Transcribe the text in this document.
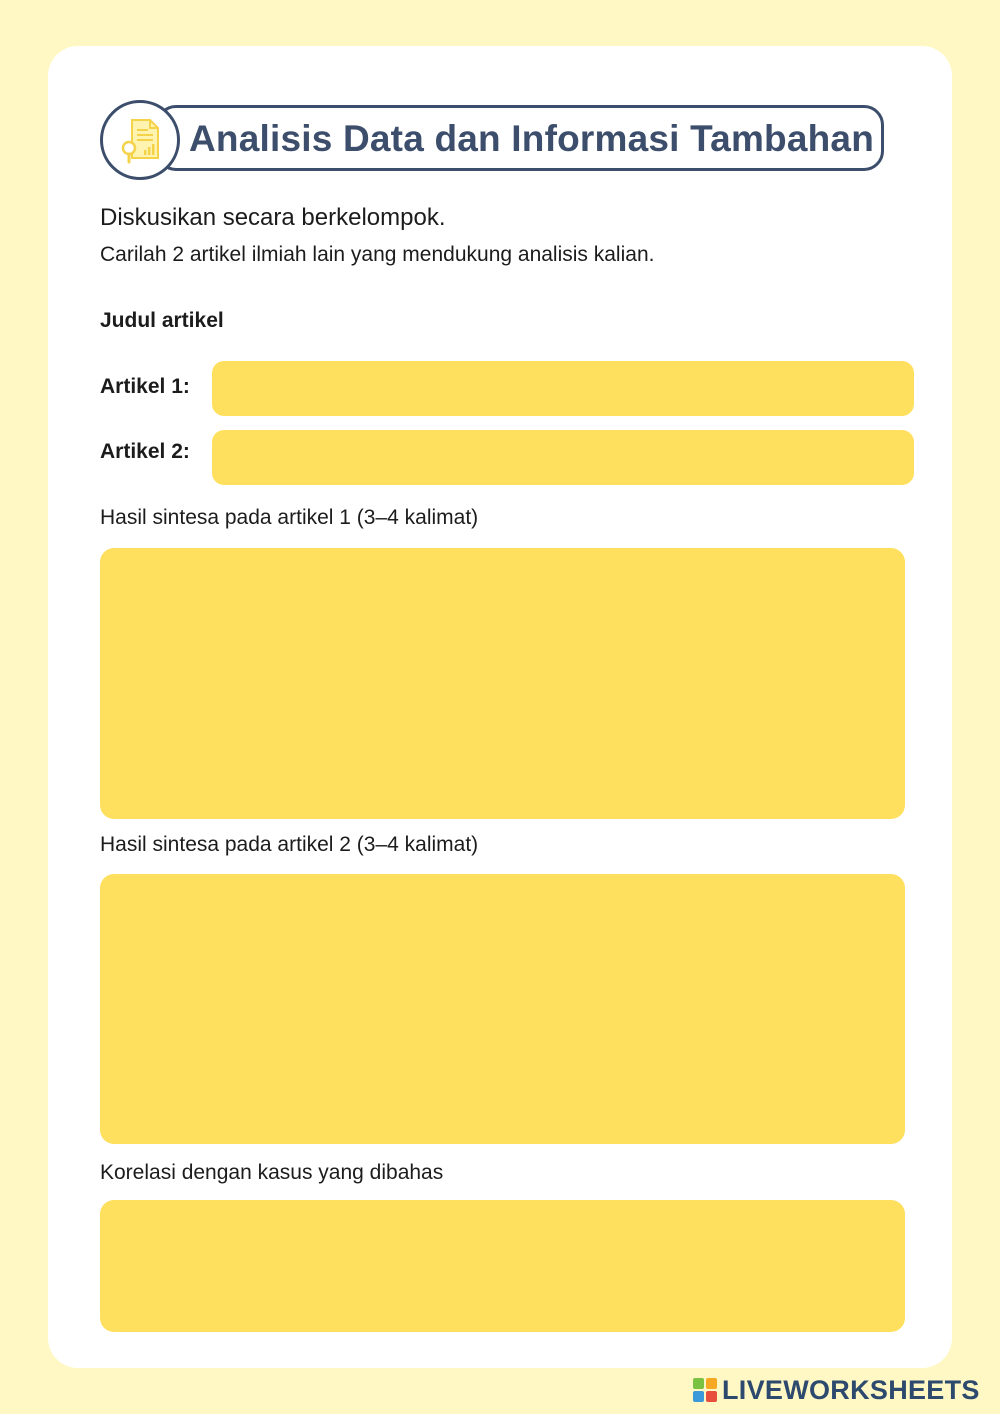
Analisis Data dan Informasi Tambahan
Diskusikan secara berkelompok.
Carilah 2 artikel ilmiah lain yang mendukung analisis kalian.
Judul artikel
Artikel 1:
Artikel 2:
Hasil sintesa pada artikel 1 (3–4 kalimat)
Hasil sintesa pada artikel 2 (3–4 kalimat)
Korelasi dengan kasus yang dibahas
LIVEWORKSHEETS
